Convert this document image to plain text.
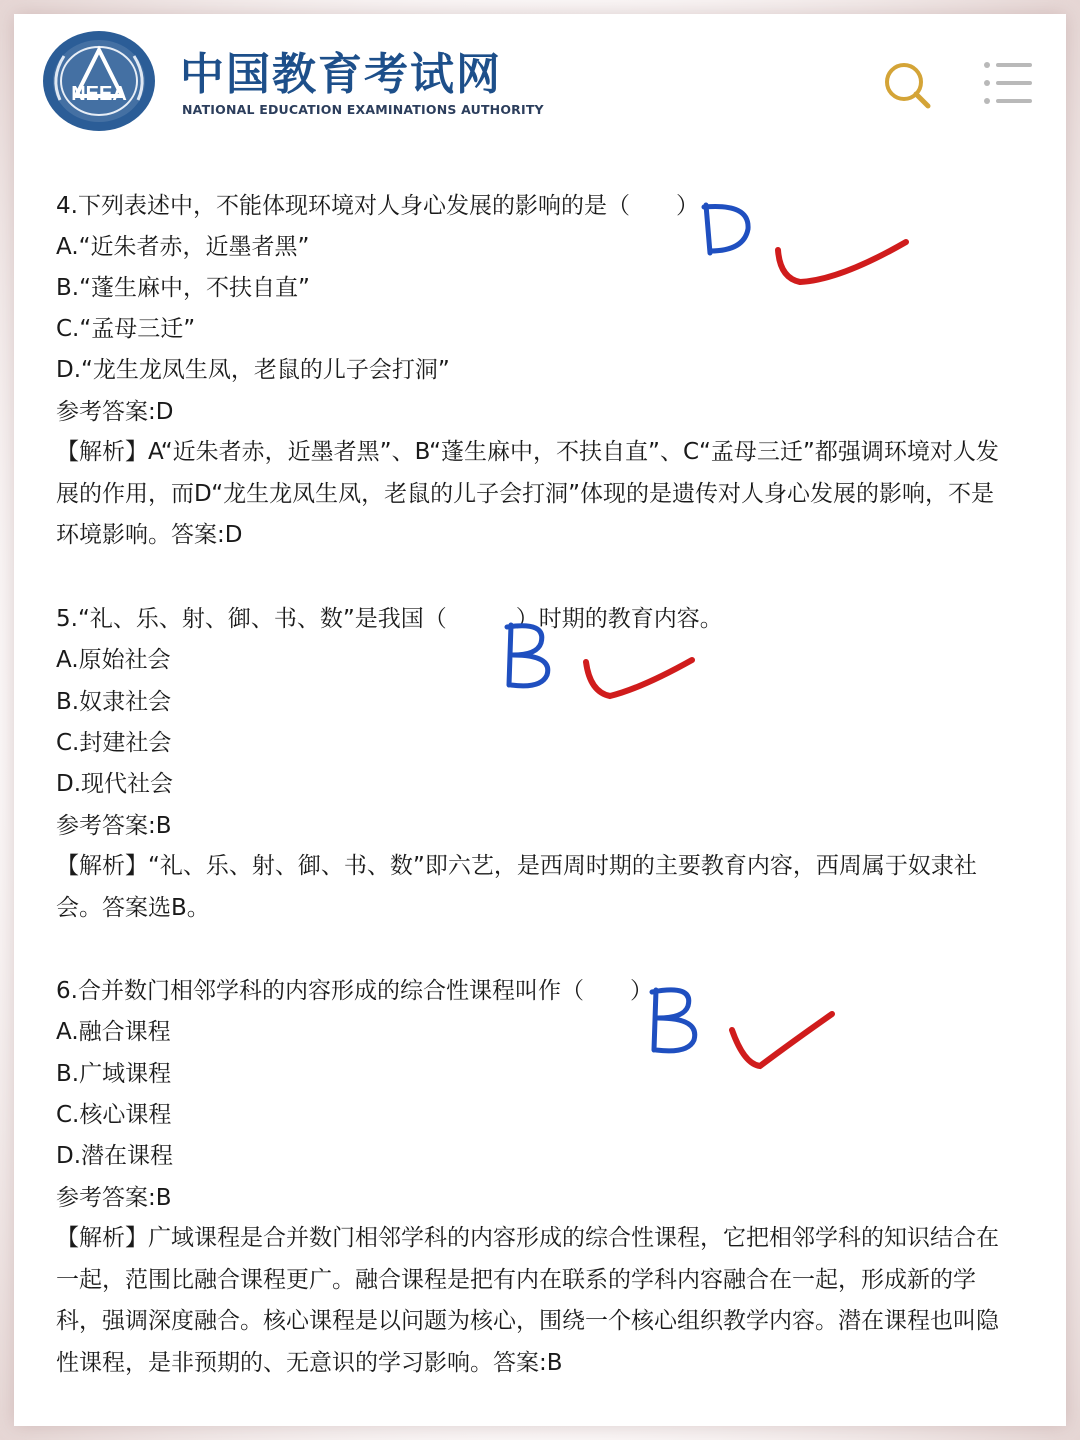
NEEA 中国教育考试网
NATIONAL EDUCATION EXAMINATIONS AUTHORITY
4.下列表述中，不能体现环境对人身心发展的影响的是（　　）
A.“近朱者赤，近墨者黑”
B.“蓬生麻中，不扶自直”
C.“孟母三迁”
D.“龙生龙凤生凤，老鼠的儿子会打洞”
参考答案:D
【解析】A“近朱者赤，近墨者黑”、B“蓬生麻中，不扶自直”、C“孟母三迁”都强调环境对人发展的作用，而D“龙生龙凤生凤，老鼠的儿子会打洞”体现的是遗传对人身心发展的影响，不是环境影响。答案:D
5.“礼、乐、射、御、书、数”是我国（　　　）时期的教育内容。
A.原始社会
B.奴隶社会
C.封建社会
D.现代社会
参考答案:B
【解析】“礼、乐、射、御、书、数”即六艺，是西周时期的主要教育内容，西周属于奴隶社会。答案选B。
6.合并数门相邻学科的内容形成的综合性课程叫作（　　）
A.融合课程
B.广域课程
C.核心课程
D.潜在课程
参考答案:B
【解析】广域课程是合并数门相邻学科的内容形成的综合性课程，它把相邻学科的知识结合在一起，范围比融合课程更广。融合课程是把有内在联系的学科内容融合在一起，形成新的学科，强调深度融合。核心课程是以问题为核心，围绕一个核心组织教学内容。潜在课程也叫隐性课程，是非预期的、无意识的学习影响。答案:B
